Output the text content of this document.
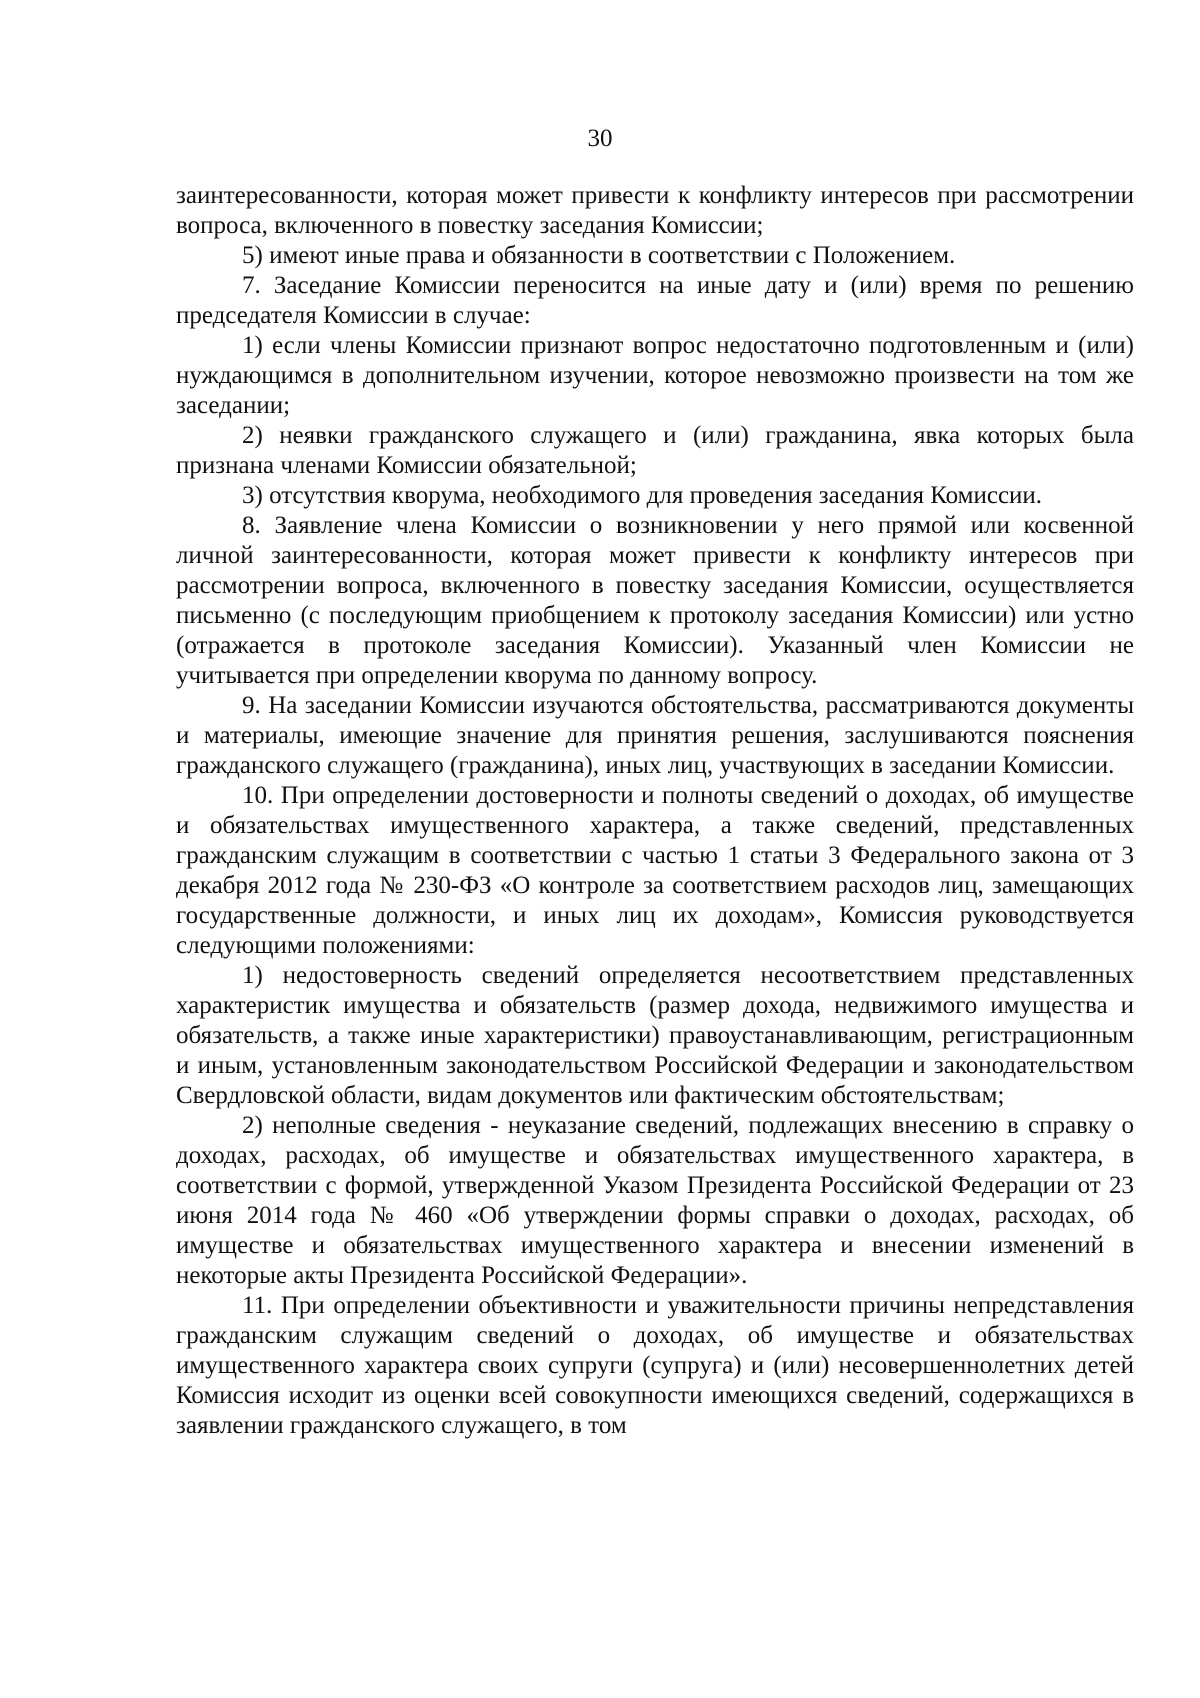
30

заинтересованности, которая может привести к конфликту интересов при рассмотрении вопроса, включенного в повестку заседания Комиссии;

5) имеют иные права и обязанности в соответствии с Положением.

7. Заседание Комиссии переносится на иные дату и (или) время по решению председателя Комиссии в случае:

1) если члены Комиссии признают вопрос недостаточно подготовленным и (или) нуждающимся в дополнительном изучении, которое невозможно произвести на том же заседании;

2) неявки гражданского служащего и (или) гражданина, явка которых была признана членами Комиссии обязательной;

3) отсутствия кворума, необходимого для проведения заседания Комиссии.

8. Заявление члена Комиссии о возникновении у него прямой или косвенной личной заинтересованности, которая может привести к конфликту интересов при рассмотрении вопроса, включенного в повестку заседания Комиссии, осуществляется письменно (с последующим приобщением к протоколу заседания Комиссии) или устно (отражается в протоколе заседания Комиссии). Указанный член Комиссии не учитывается при определении кворума по данному вопросу.

9. На заседании Комиссии изучаются обстоятельства, рассматриваются документы и материалы, имеющие значение для принятия решения, заслушиваются пояснения гражданского служащего (гражданина), иных лиц, участвующих в заседании Комиссии.

10. При определении достоверности и полноты сведений о доходах, об имуществе и обязательствах имущественного характера, а также сведений, представленных гражданским служащим в соответствии с частью 1 статьи 3 Федерального закона от 3 декабря 2012 года № 230-ФЗ «О контроле за соответствием расходов лиц, замещающих государственные должности, и иных лиц их доходам», Комиссия руководствуется следующими положениями:

1) недостоверность сведений определяется несоответствием представленных характеристик имущества и обязательств (размер дохода, недвижимого имущества и обязательств, а также иные характеристики) правоустанавливающим, регистрационным и иным, установленным законодательством Российской Федерации и законодательством Свердловской области, видам документов или фактическим обстоятельствам;

2) неполные сведения - неуказание сведений, подлежащих внесению в справку о доходах, расходах, об имуществе и обязательствах имущественного характера, в соответствии с формой, утвержденной Указом Президента Российской Федерации от 23 июня 2014 года № 460 «Об утверждении формы справки о доходах, расходах, об имуществе и обязательствах имущественного характера и внесении изменений в некоторые акты Президента Российской Федерации».

11. При определении объективности и уважительности причины непредставления гражданским служащим сведений о доходах, об имуществе и обязательствах имущественного характера своих супруги (супруга) и (или) несовершеннолетних детей Комиссия исходит из оценки всей совокупности имеющихся сведений, содержащихся в заявлении гражданского служащего, в том
